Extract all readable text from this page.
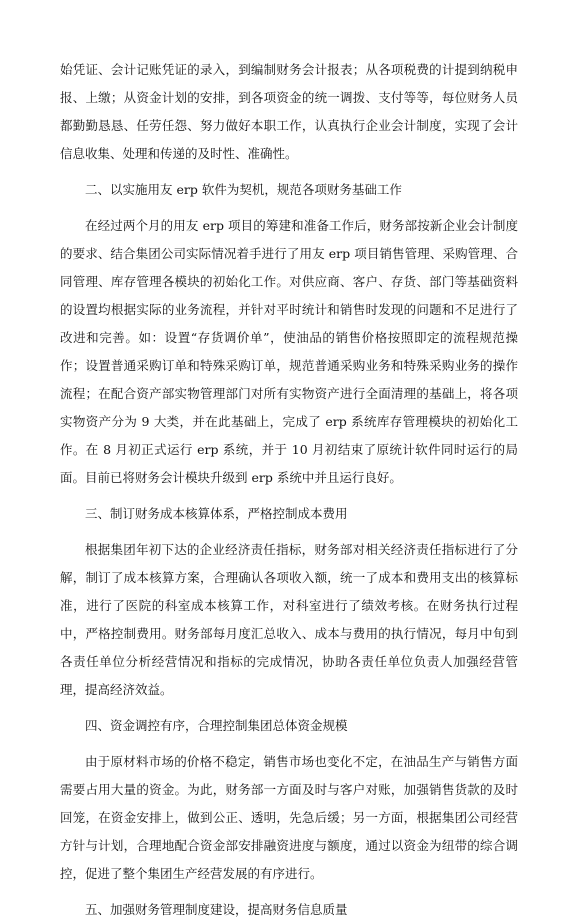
始凭证、会计记账凭证的录入，到编制财务会计报表；从各项税费的计提到纳税申报、上缴；从资金计划的安排，到各项资金的统一调拨、支付等等，每位财务人员都勤勤恳恳、任劳任怨、努力做好本职工作，认真执行企业会计制度，实现了会计信息收集、处理和传递的及时性、准确性。

二、以实施用友 erp 软件为契机，规范各项财务基础工作

在经过两个月的用友 erp 项目的筹建和准备工作后，财务部按新企业会计制度的要求、结合集团公司实际情况着手进行了用友 erp 项目销售管理、采购管理、合同管理、库存管理各模块的初始化工作。对供应商、客户、存货、部门等基础资料的设置均根据实际的业务流程，并针对平时统计和销售时发现的问题和不足进行了改进和完善。如：设置“存货调价单”，使油品的销售价格按照即定的流程规范操作；设置普通采购订单和特殊采购订单，规范普通采购业务和特殊采购业务的操作流程；在配合资产部实物管理部门对所有实物资产进行全面清理的基础上，将各项实物资产分为 9 大类，并在此基础上，完成了 erp 系统库存管理模块的初始化工作。在 8 月初正式运行 erp 系统，并于 10 月初结束了原统计软件同时运行的局面。目前已将财务会计模块升级到 erp 系统中并且运行良好。

三、制订财务成本核算体系，严格控制成本费用

根据集团年初下达的企业经济责任指标，财务部对相关经济责任指标进行了分解，制订了成本核算方案，合理确认各项收入额，统一了成本和费用支出的核算标准，进行了医院的科室成本核算工作，对科室进行了绩效考核。在财务执行过程中，严格控制费用。财务部每月度汇总收入、成本与费用的执行情况，每月中旬到各责任单位分析经营情况和指标的完成情况，协助各责任单位负责人加强经营管理，提高经济效益。

四、资金调控有序，合理控制集团总体资金规模

由于原材料市场的价格不稳定，销售市场也变化不定，在油品生产与销售方面需要占用大量的资金。为此，财务部一方面及时与客户对账，加强销售货款的及时回笼，在资金安排上，做到公正、透明，先急后缓；另一方面，根据集团公司经营方针与计划，合理地配合资金部安排融资进度与额度，通过以资金为纽带的综合调控，促进了整个集团生产经营发展的有序进行。

五、加强财务管理制度建设，提高财务信息质量
